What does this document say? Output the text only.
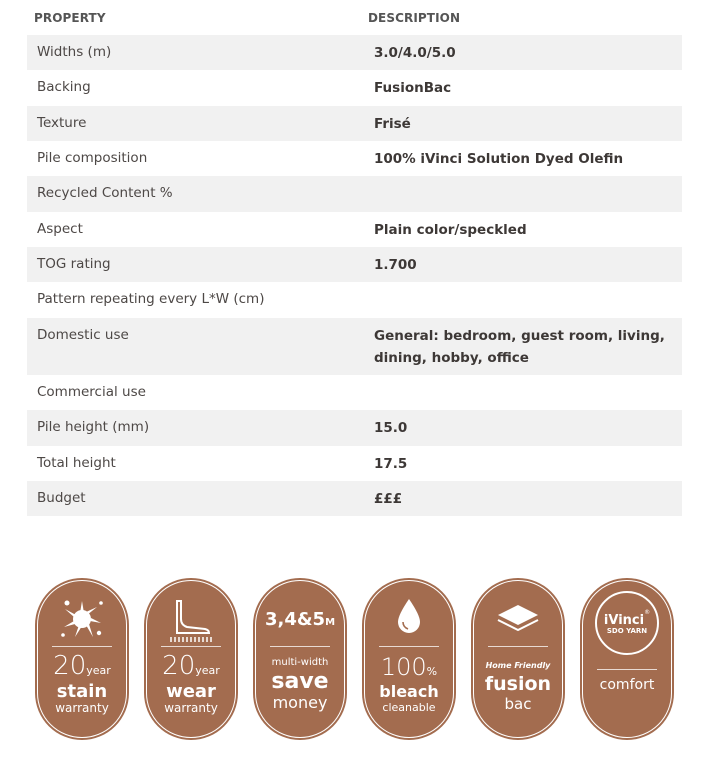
PROPERTY	DESCRIPTION
Widths (m)	3.0/4.0/5.0
Backing	FusionBac
Texture	Frisé
Pile composition	100% iVinci Solution Dyed Olefin
Recycled Content %
Aspect	Plain color/speckled
TOG rating	1.700
Pattern repeating every L*W (cm)
Domestic use	General: bedroom, guest room, living, dining, hobby, office
Commercial use
Pile height (mm)	15.0
Total height	17.5
Budget	£££
20year
stain
warranty
20year
wear
warranty
3,4&5M
multi-width
save
money
100%
bleach
cleanable
Home Friendly
fusion
bac
iVinci®
SDO YARN
comfort
